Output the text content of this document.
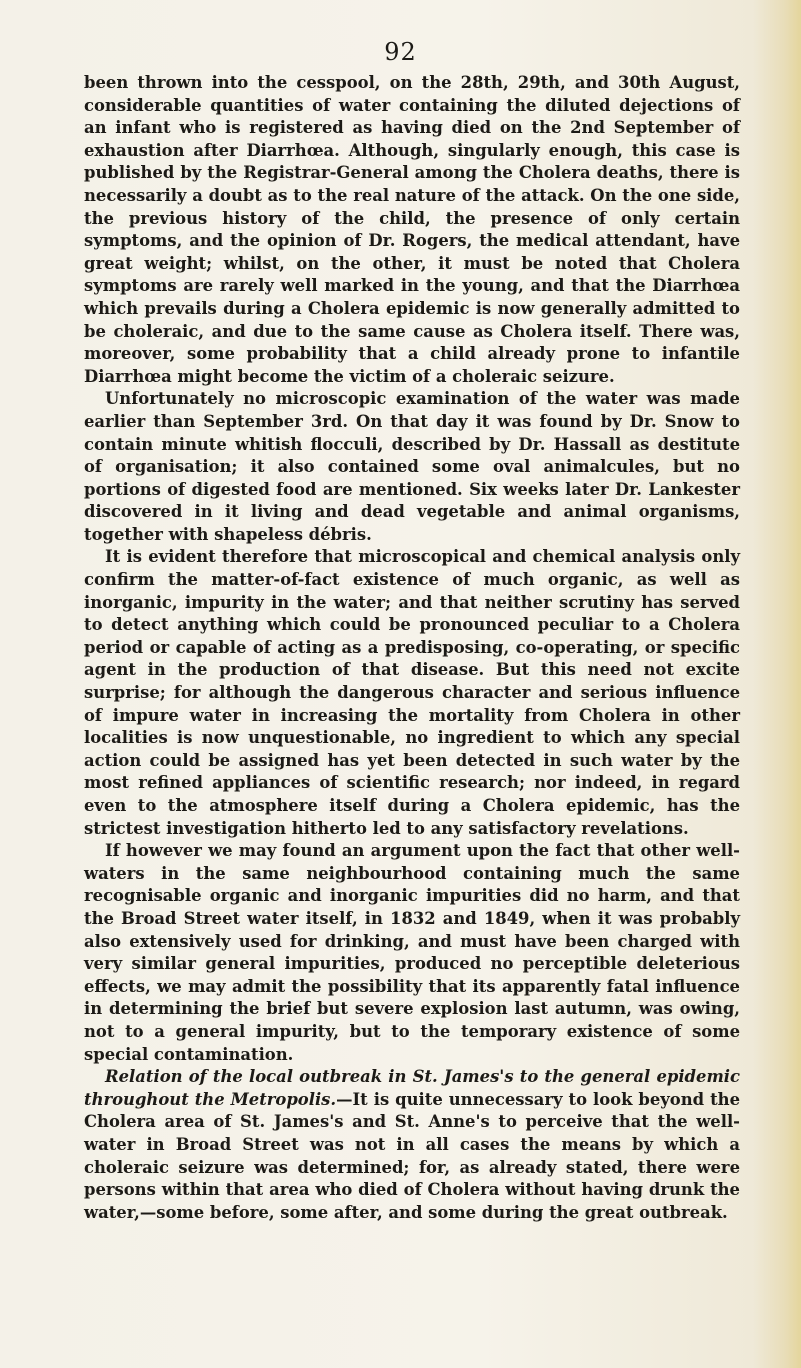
92

been thrown into the cesspool, on the 28th, 29th, and 30th August, considerable quantities of water containing the diluted dejections of an infant who is registered as having died on the 2nd September of exhaustion after Diarrhœa. Although, singularly enough, this case is published by the Registrar-General among the Cholera deaths, there is necessarily a doubt as to the real nature of the attack. On the one side, the previous history of the child, the presence of only certain symptoms, and the opinion of Dr. Rogers, the medical attendant, have great weight; whilst, on the other, it must be noted that Cholera symptoms are rarely well marked in the young, and that the Diarrhœa which prevails during a Cholera epidemic is now generally admitted to be choleraic, and due to the same cause as Cholera itself. There was, moreover, some probability that a child already prone to infantile Diarrhœa might become the victim of a choleraic seizure.

Unfortunately no microscopic examination of the water was made earlier than September 3rd. On that day it was found by Dr. Snow to contain minute whitish flocculi, described by Dr. Hassall as destitute of organisation; it also contained some oval animalcules, but no portions of digested food are mentioned. Six weeks later Dr. Lankester discovered in it living and dead vegetable and animal organisms, together with shapeless débris.

It is evident therefore that microscopical and chemical analysis only confirm the matter-of-fact existence of much organic, as well as inorganic, impurity in the water; and that neither scrutiny has served to detect anything which could be pronounced peculiar to a Cholera period or capable of acting as a predisposing, co-operating, or specific agent in the production of that disease. But this need not excite surprise; for although the dangerous character and serious influence of impure water in increasing the mortality from Cholera in other localities is now unquestionable, no ingredient to which any special action could be assigned has yet been detected in such water by the most refined appliances of scientific research; nor indeed, in regard even to the atmosphere itself during a Cholera epidemic, has the strictest investigation hitherto led to any satisfactory revelations.

If however we may found an argument upon the fact that other well-waters in the same neighbourhood containing much the same recognisable organic and inorganic impurities did no harm, and that the Broad Street water itself, in 1832 and 1849, when it was probably also extensively used for drinking, and must have been charged with very similar general impurities, produced no perceptible deleterious effects, we may admit the possibility that its apparently fatal influence in determining the brief but severe explosion last autumn, was owing, not to a general impurity, but to the temporary existence of some special contamination.

Relation of the local outbreak in St. James's to the general epidemic throughout the Metropolis.—It is quite unnecessary to look beyond the Cholera area of St. James's and St. Anne's to perceive that the well-water in Broad Street was not in all cases the means by which a choleraic seizure was determined; for, as already stated, there were persons within that area who died of Cholera without having drunk the water,—some before, some after, and some during the great outbreak.
